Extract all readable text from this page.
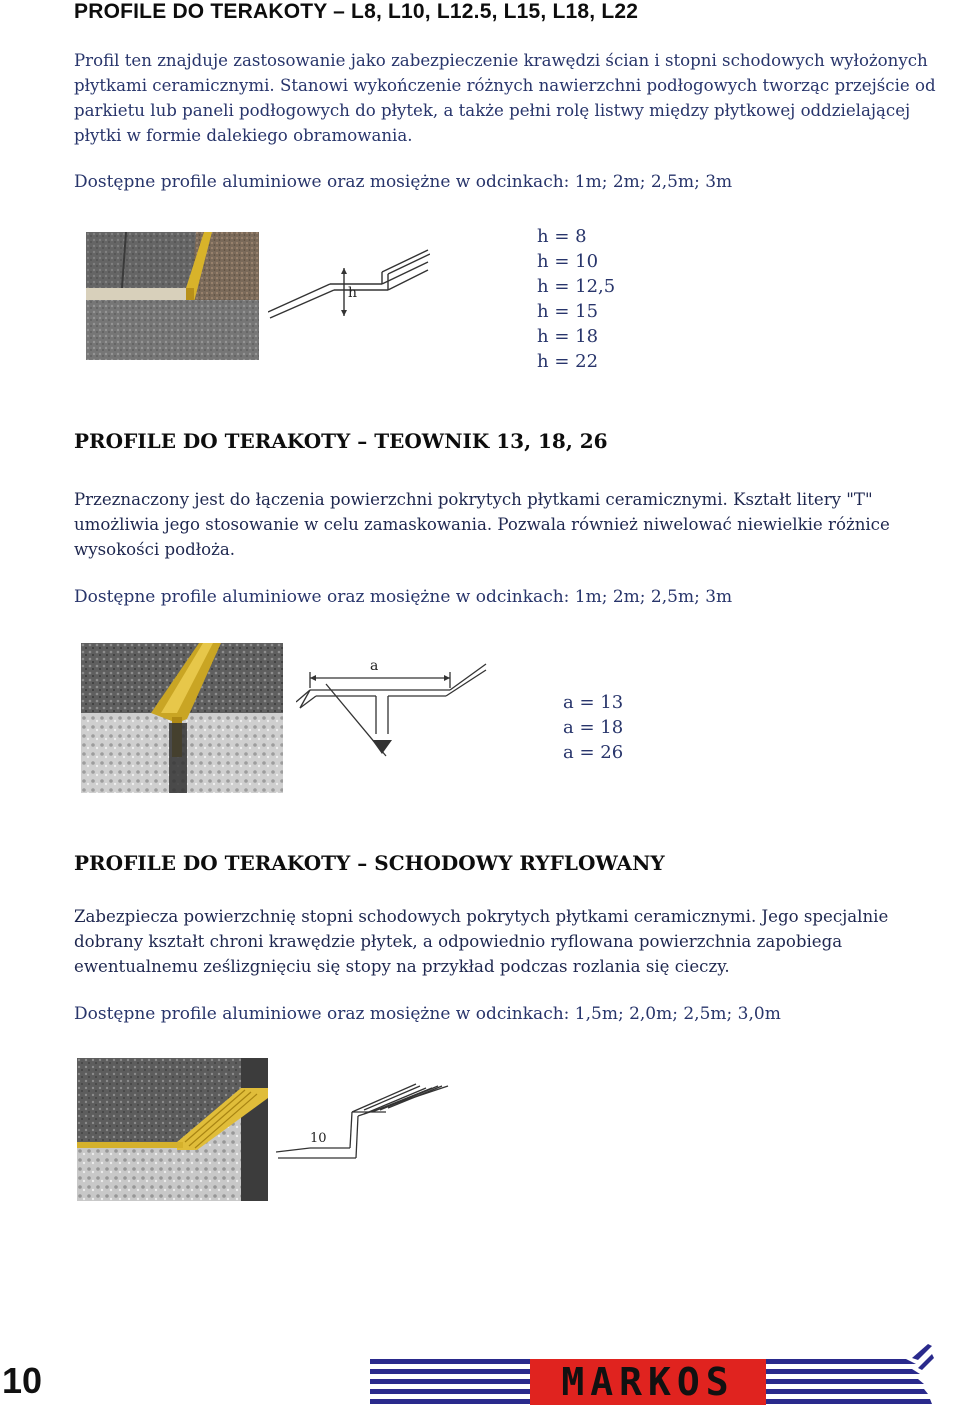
PROFILE DO TERAKOTY – L8, L10, L12.5, L15, L18, L22
Profil ten znajduje zastosowanie jako zabezpieczenie krawędzi ścian i stopni schodowych wyłożonych płytkami ceramicznymi. Stanowi wykończenie różnych nawierzchni podłogowych tworząc przejście od parkietu lub paneli podłogowych do płytek, a także pełni rolę listwy między płytkowej oddzielającej płytki w formie dalekiego obramowania.
Dostępne profile aluminiowe oraz mosiężne w odcinkach: 1m; 2m; 2,5m; 3m
h
h = 8
h = 10
h = 12,5
h = 15
h = 18
h = 22
PROFILE DO TERAKOTY – TEOWNIK 13, 18, 26
Przeznaczony jest do łączenia powierzchni pokrytych płytkami ceramicznymi. Kształt litery "T" umożliwia jego stosowanie w celu zamaskowania. Pozwala również niwelować niewielkie różnice wysokości podłoża.
Dostępne profile aluminiowe oraz mosiężne w odcinkach: 1m; 2m; 2,5m; 3m
a
a = 13
a = 18
a = 26
PROFILE DO TERAKOTY – SCHODOWY RYFLOWANY
Zabezpiecza powierzchnię stopni schodowych pokrytych płytkami ceramicznymi. Jego specjalnie dobrany kształt chroni krawędzie płytek, a odpowiednio ryflowana powierzchnia zapobiega ewentualnemu ześlizgnięciu się stopy na przykład podczas rozlania się cieczy.
Dostępne profile aluminiowe oraz mosiężne w odcinkach: 1,5m; 2,0m; 2,5m; 3,0m
10
10	MARKOS
